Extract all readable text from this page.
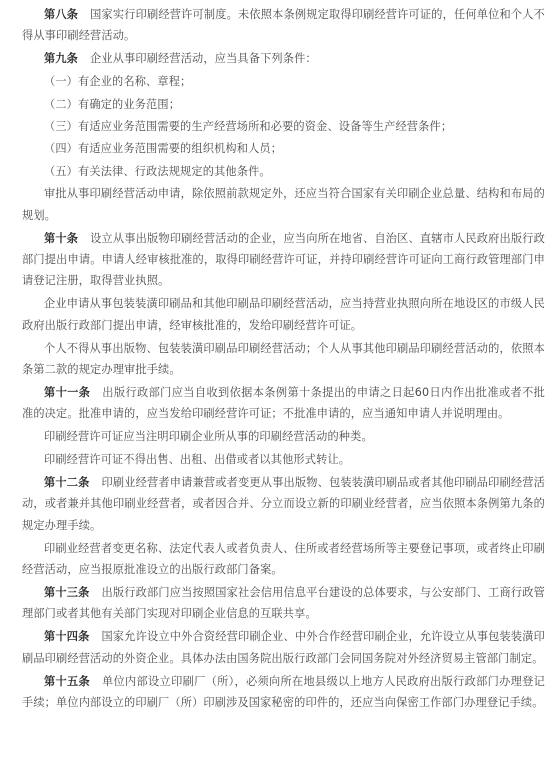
第八条 国家实行印刷经营许可制度。未依照本条例规定取得印刷经营许可证的，任何单位和个人不得从事印刷经营活动。

第九条 企业从事印刷经营活动，应当具备下列条件：

（一）有企业的名称、章程；

（二）有确定的业务范围；

（三）有适应业务范围需要的生产经营场所和必要的资金、设备等生产经营条件；

（四）有适应业务范围需要的组织机构和人员；

（五）有关法律、行政法规规定的其他条件。

审批从事印刷经营活动申请，除依照前款规定外，还应当符合国家有关印刷企业总量、结构和布局的规划。

第十条 设立从事出版物印刷经营活动的企业，应当向所在地省、自治区、直辖市人民政府出版行政部门提出申请。申请人经审核批准的，取得印刷经营许可证，并持印刷经营许可证向工商行政管理部门申请登记注册，取得营业执照。

企业申请从事包装装潢印刷品和其他印刷品印刷经营活动，应当持营业执照向所在地设区的市级人民政府出版行政部门提出申请，经审核批准的，发给印刷经营许可证。

个人不得从事出版物、包装装潢印刷品印刷经营活动；个人从事其他印刷品印刷经营活动的，依照本条第二款的规定办理审批手续。

第十一条 出版行政部门应当自收到依据本条例第十条提出的申请之日起60日内作出批准或者不批准的决定。批准申请的，应当发给印刷经营许可证；不批准申请的，应当通知申请人并说明理由。

印刷经营许可证应当注明印刷企业所从事的印刷经营活动的种类。

印刷经营许可证不得出售、出租、出借或者以其他形式转让。

第十二条 印刷业经营者申请兼营或者变更从事出版物、包装装潢印刷品或者其他印刷品印刷经营活动，或者兼并其他印刷业经营者，或者因合并、分立而设立新的印刷业经营者，应当依照本条例第九条的规定办理手续。

印刷业经营者变更名称、法定代表人或者负责人、住所或者经营场所等主要登记事项，或者终止印刷经营活动，应当报原批准设立的出版行政部门备案。

第十三条 出版行政部门应当按照国家社会信用信息平台建设的总体要求，与公安部门、工商行政管理部门或者其他有关部门实现对印刷企业信息的互联共享。

第十四条 国家允许设立中外合资经营印刷企业、中外合作经营印刷企业，允许设立从事包装装潢印刷品印刷经营活动的外资企业。具体办法由国务院出版行政部门会同国务院对外经济贸易主管部门制定。

第十五条 单位内部设立印刷厂（所），必须向所在地县级以上地方人民政府出版行政部门办理登记手续；单位内部设立的印刷厂（所）印刷涉及国家秘密的印件的，还应当向保密工作部门办理登记手续。
